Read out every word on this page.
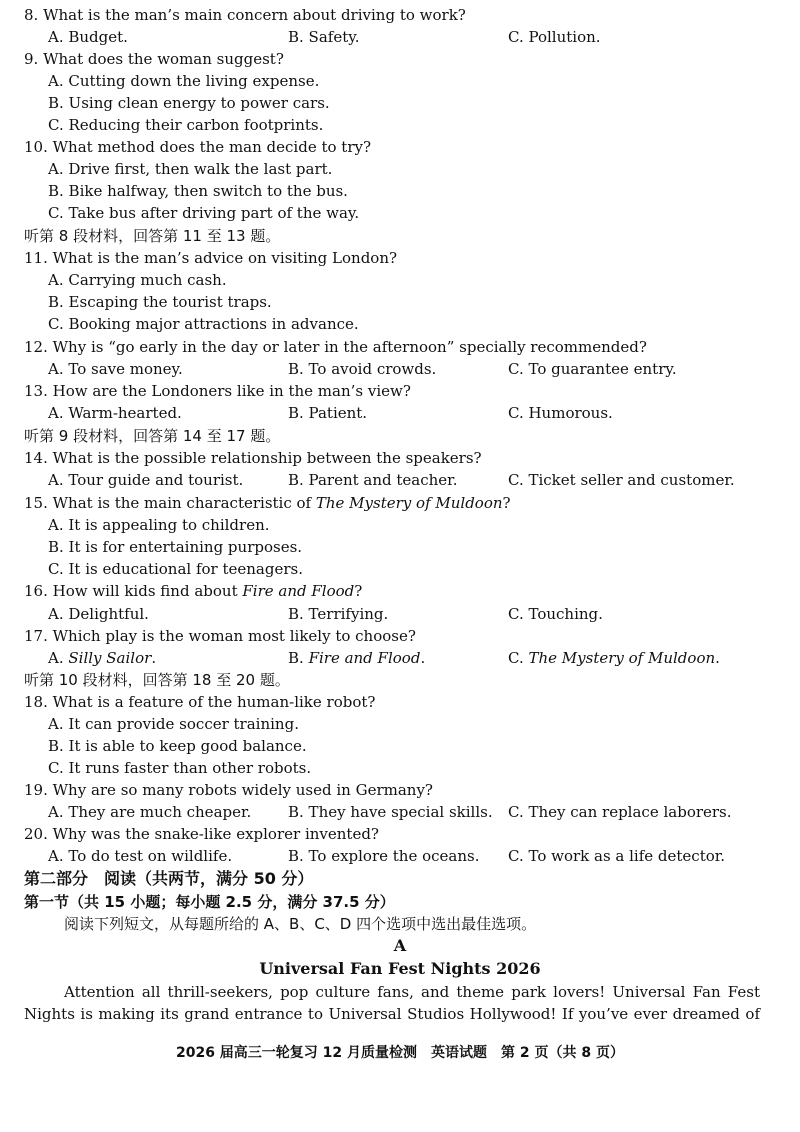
8. What is the man’s main concern about driving to work?
A. Budget.	B. Safety.	C. Pollution.
9. What does the woman suggest?
A. Cutting down the living expense.
B. Using clean energy to power cars.
C. Reducing their carbon footprints.
10. What method does the man decide to try?
A. Drive first, then walk the last part.
B. Bike halfway, then switch to the bus.
C. Take bus after driving part of the way.
听第 8 段材料，回答第 11 至 13 题。
11. What is the man’s advice on visiting London?
A. Carrying much cash.
B. Escaping the tourist traps.
C. Booking major attractions in advance.
12. Why is “go early in the day or later in the afternoon” specially recommended?
A. To save money.	B. To avoid crowds.	C. To guarantee entry.
13. How are the Londoners like in the man’s view?
A. Warm-hearted.	B. Patient.	C. Humorous.
听第 9 段材料，回答第 14 至 17 题。
14. What is the possible relationship between the speakers?
A. Tour guide and tourist.	B. Parent and teacher.	C. Ticket seller and customer.
15. What is the main characteristic of The Mystery of Muldoon?
A. It is appealing to children.
B. It is for entertaining purposes.
C. It is educational for teenagers.
16. How will kids find about Fire and Flood?
A. Delightful.	B. Terrifying.	C. Touching.
17. Which play is the woman most likely to choose?
A. Silly Sailor.	B. Fire and Flood.	C. The Mystery of Muldoon.
听第 10 段材料，回答第 18 至 20 题。
18. What is a feature of the human-like robot?
A. It can provide soccer training.
B. It is able to keep good balance.
C. It runs faster than other robots.
19. Why are so many robots widely used in Germany?
A. They are much cheaper. B. They have special skills. C. They can replace laborers.
20. Why was the snake-like explorer invented?
A. To do test on wildlife.	B. To explore the oceans. C. To work as a life detector.
第二部分　阅读（共两节，满分 50 分）
第一节（共 15 小题；每小题 2.5 分，满分 37.5 分）
阅读下列短文，从每题所给的 A、B、C、D 四个选项中选出最佳选项。
A
Universal Fan Fest Nights 2026
Attention all thrill-seekers, pop culture fans, and theme park lovers! Universal Fan Fest
Nights is making its grand entrance to Universal Studios Hollywood! If you’ve ever dreamed of
2026 届高三一轮复习 12 月质量检测　英语试题　第 2 页（共 8 页）
